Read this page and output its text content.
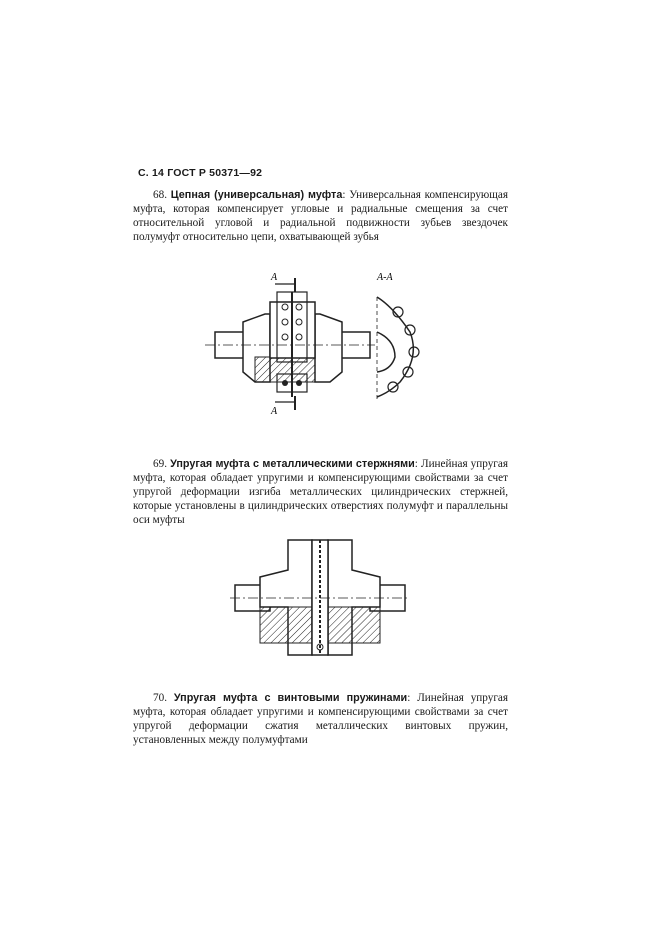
С. 14 ГОСТ Р 50371—92

68. Цепная (универсальная) муфта: Универсальная компенсирующая муфта, которая компенсирует угловые и радиальные смещения за счет относительной угловой и радиальной подвижности зубьев звездочек полумуфт относительно цепи, охватывающей зубья

А
А
А-А

69. Упругая муфта с металлическими стержнями: Линейная упругая муфта, которая обладает упругими и компенсирующими свойствами за счет упругой деформации изгиба металлических цилиндрических стержней, которые установлены в цилиндрических отверстиях полумуфт и параллельны оси муфты

70. Упругая муфта с винтовыми пружинами: Линейная упругая муфта, которая обладает упругими и компенсирующими свойствами за счет упругой деформации сжатия металлических винтовых пружин, установленных между полумуфтами
